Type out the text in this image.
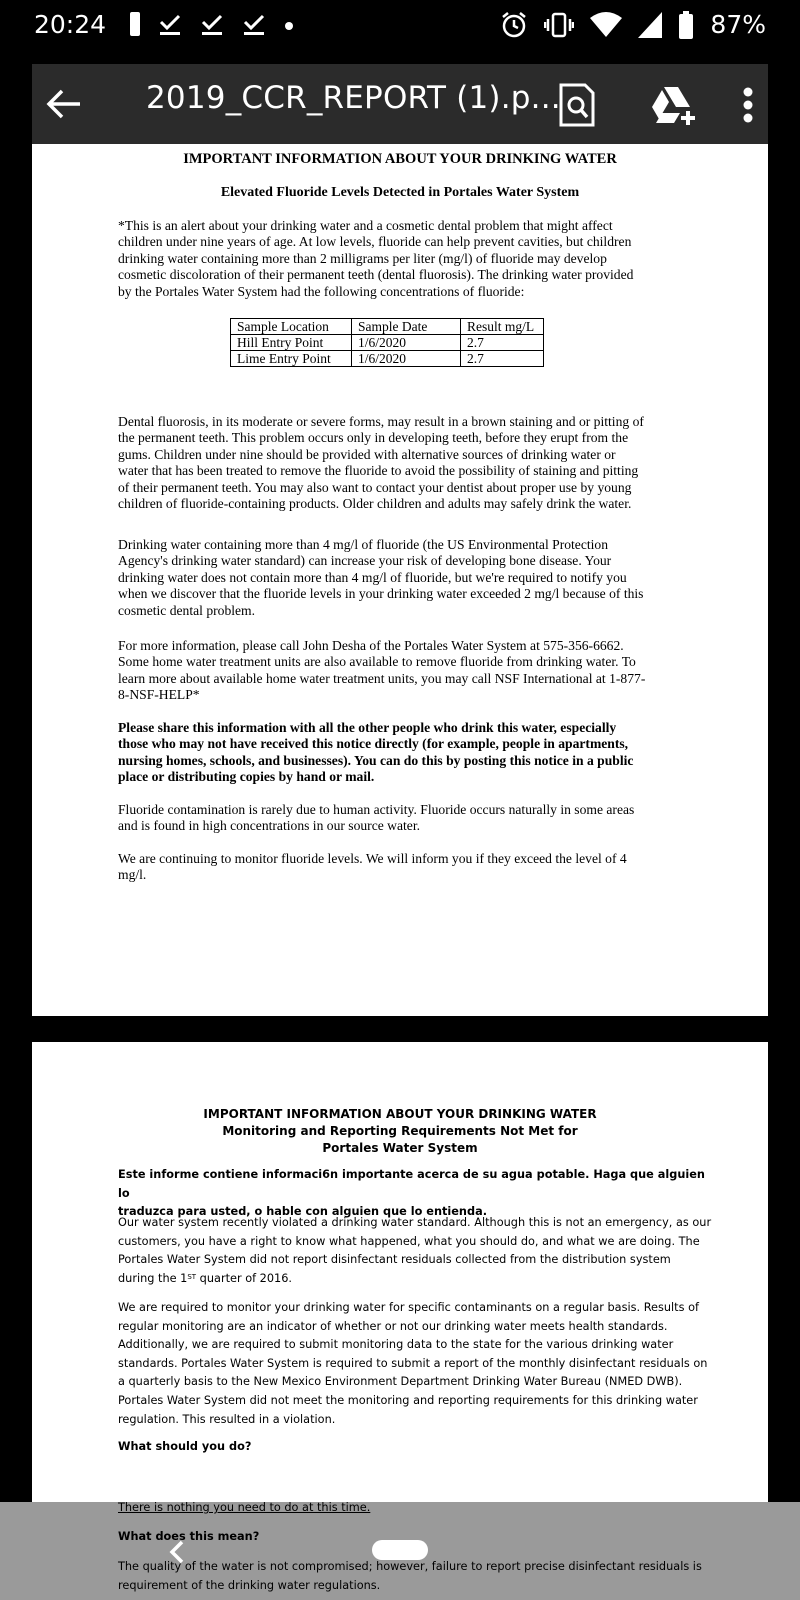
20:24	87%
2019_CCR_REPORT (1).p...
IMPORTANT INFORMATION ABOUT YOUR DRINKING WATER
Elevated Fluoride Levels Detected in Portales Water System
*This is an alert about your drinking water and a cosmetic dental problem that might affect
children under nine years of age. At low levels, fluoride can help prevent cavities, but children
drinking water containing more than 2 milligrams per liter (mg/l) of fluoride may develop
cosmetic discoloration of their permanent teeth (dental fluorosis). The drinking water provided
by the Portales Water System had the following concentrations of fluoride:
Sample Location	Sample Date	Result mg/L
Hill Entry Point	1/6/2020	2.7
Lime Entry Point	1/6/2020	2.7
Dental fluorosis, in its moderate or severe forms, may result in a brown staining and or pitting of
the permanent teeth. This problem occurs only in developing teeth, before they erupt from the
gums. Children under nine should be provided with alternative sources of drinking water or
water that has been treated to remove the fluoride to avoid the possibility of staining and pitting
of their permanent teeth. You may also want to contact your dentist about proper use by young
children of fluoride-containing products. Older children and adults may safely drink the water.
Drinking water containing more than 4 mg/l of fluoride (the US Environmental Protection
Agency's drinking water standard) can increase your risk of developing bone disease. Your
drinking water does not contain more than 4 mg/l of fluoride, but we're required to notify you
when we discover that the fluoride levels in your drinking water exceeded 2 mg/l because of this
cosmetic dental problem.
For more information, please call John Desha of the Portales Water System at 575-356-6662.
Some home water treatment units are also available to remove fluoride from drinking water. To
learn more about available home water treatment units, you may call NSF International at 1-877-
8-NSF-HELP*
Please share this information with all the other people who drink this water, especially
those who may not have received this notice directly (for example, people in apartments,
nursing homes, schools, and businesses). You can do this by posting this notice in a public
place or distributing copies by hand or mail.
Fluoride contamination is rarely due to human activity. Fluoride occurs naturally in some areas
and is found in high concentrations in our source water.
We are continuing to monitor fluoride levels. We will inform you if they exceed the level of 4
mg/l.
IMPORTANT INFORMATION ABOUT YOUR DRINKING WATER
Monitoring and Reporting Requirements Not Met for
Portales Water System
Este informe contiene informaci6n importante acerca de su agua potable. Haga que alguien lo
traduzca para usted, o hable con alguien que lo entienda.
Our water system recently violated a drinking water standard. Although this is not an emergency, as our
customers, you have a right to know what happened, what you should do, and what we are doing. The
Portales Water System did not report disinfectant residuals collected from the distribution system
during the 1ST quarter of 2016.
We are required to monitor your drinking water for specific contaminants on a regular basis. Results of
regular monitoring are an indicator of whether or not our drinking water meets health standards.
Additionally, we are required to submit monitoring data to the state for the various drinking water
standards. Portales Water System is required to submit a report of the monthly disinfectant residuals on
a quarterly basis to the New Mexico Environment Department Drinking Water Bureau (NMED DWB).
Portales Water System did not meet the monitoring and reporting requirements for this drinking water
regulation. This resulted in a violation.
What should you do?
There is nothing you need to do at this time.
What does this mean?
The quality of the water is not compromised; however, failure to report precise disinfectant residuals is
requirement of the drinking water regulations.
